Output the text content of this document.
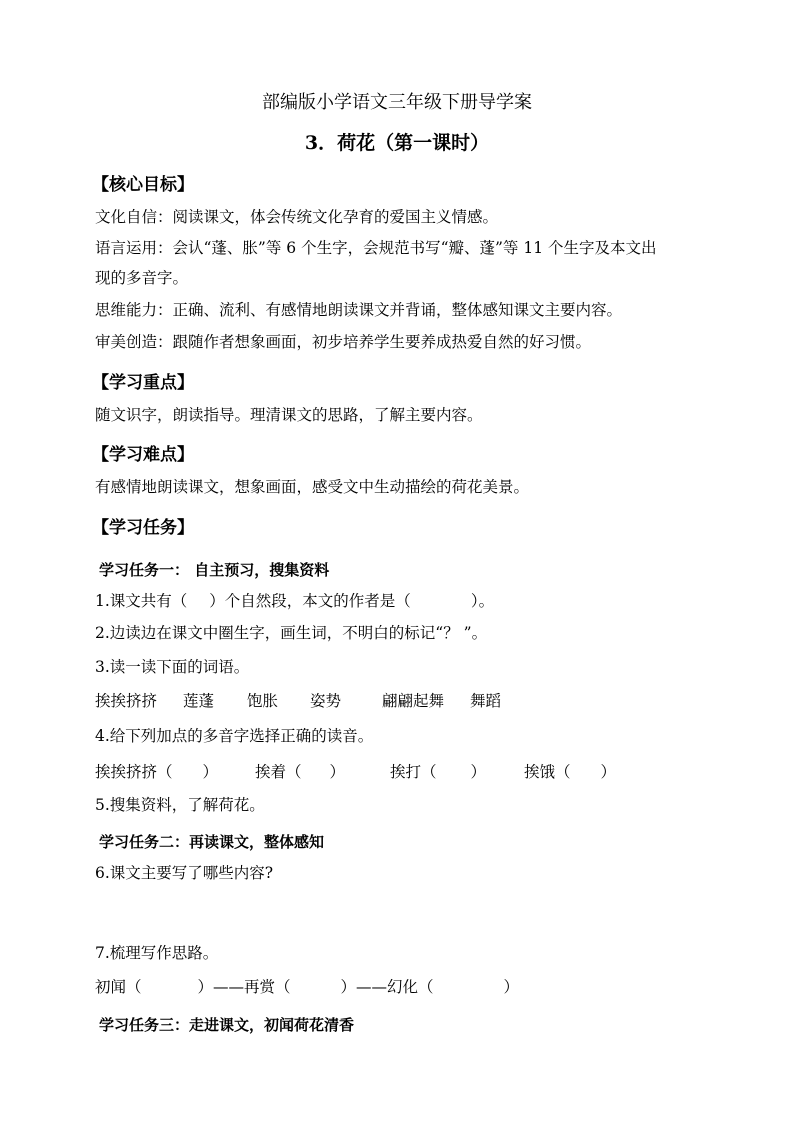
部编版小学语文三年级下册导学案
3．荷花（第一课时）
【核心目标】
文化自信：阅读课文，体会传统文化孕育的爱国主义情感。
语言运用：会认“蓬、胀”等 6 个生字，会规范书写“瓣、蓬”等 11 个生字及本文出
现的多音字。
思维能力：正确、流利、有感情地朗读课文并背诵，整体感知课文主要内容。
审美创造：跟随作者想象画面，初步培养学生要养成热爱自然的好习惯。
【学习重点】
随文识字，朗读指导。理清课文的思路，了解主要内容。
【学习难点】
有感情地朗读课文，想象画面，感受文中生动描绘的荷花美景。
【学习任务】
学习任务一： 自主预习，搜集资料
1.课文共有（ ）个自然段，本文的作者是（	）。
2.边读边在课文中圈生字，画生词，不明白的标记“？ ”。
3.读一读下面的词语。
挨挨挤挤 莲蓬 饱胀 姿势	翩翩起舞 舞蹈
4.给下列加点的多音字选择正确的读音。
挨挨挤挤（ ） 挨着（ ）	挨打（ ） 挨饿（ ）
5.搜集资料，了解荷花。
学习任务二：再读课文，整体感知
6.课文主要写了哪些内容?
7.梳理写作思路。
初闻（	）——再赏（	）——幻化（	）
学习任务三：走进课文，初闻荷花清香
